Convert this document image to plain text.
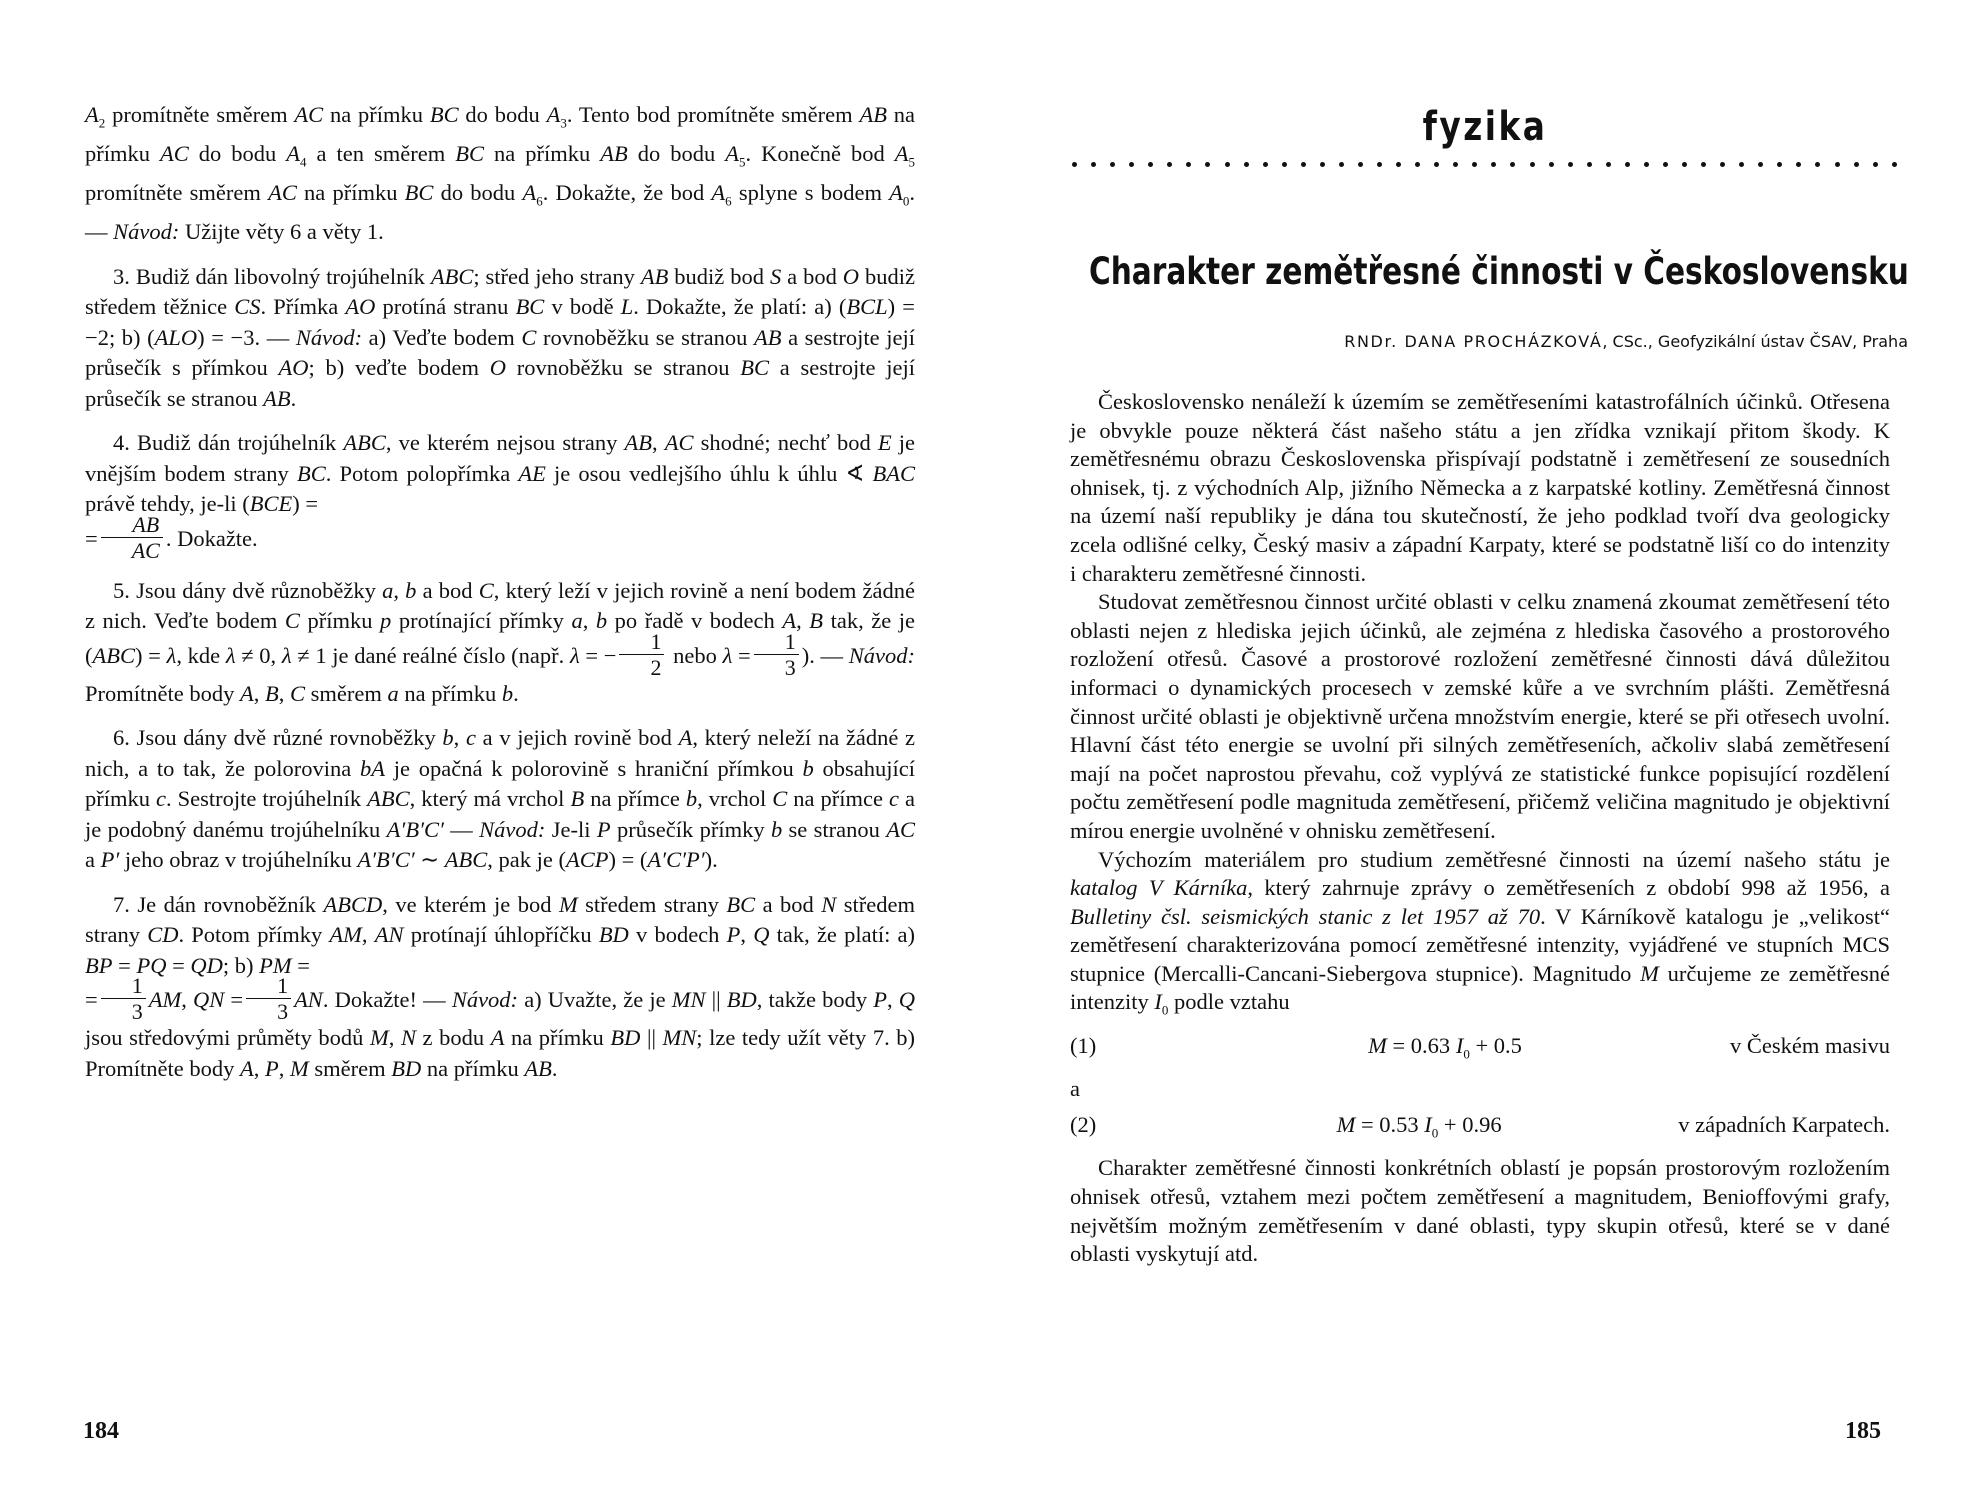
$A_2$ promítněte směrem AC na přímku BC do bodu $A_3$. Tento bod promítněte směrem AB na přímku AC do bodu $A_4$ a ten směrem BC na přímku AB do bodu $A_5$. Konečně bod $A_5$ promítněte směrem AC na přímku BC do bodu $A_6$. Dokažte, že bod $A_6$ splyne s bodem $A_0$. — Návod: Užijte věty 6 a věty 1.

3. Budiž dán libovolný trojúhelník ABC; střed jeho strany AB budiž bod S a bod O budiž středem těžnice CS. Přímka AO protíná stranu BC v bodě L. Dokažte, že platí: a) (BCL) = −2; b) (ALO) = −3. — Návod: a) Veďte bodem C rovnoběžku se stranou AB a sestrojte její průsečík s přímkou AO; b) veďte bodem O rovnoběžku se stranou BC a sestrojte její průsečík se stranou AB.

4. Budiž dán trojúhelník ABC, ve kterém nejsou strany AB, AC shodné; nechť bod E je vnějším bodem strany BC. Potom polopřímka AE je osou vedlejšího úhlu k úhlu ∢ BAC právě tehdy, je-li (BCE) =
= $\frac{AB}{AC}$ . Dokažte.

5. Jsou dány dvě různoběžky a, b a bod C, který leží v jejich rovině a není bodem žádné z nich. Veďte bodem C přímku p protínající přímky a, b po řadě v bodech A, B tak, že je (ABC) = λ, kde λ ≠ 0, λ ≠ 1 je dané reálné číslo (např. λ = − $\frac{1}{2}$ nebo $\lambda = \frac{1}{3}$ ). — Návod: Promítněte body A, B, C směrem a na přímku b.

6. Jsou dány dvě různé rovnoběžky b, c a v jejich rovině bod A, který neleží na žádné z nich, a to tak, že polorovina bA je opačná k polorovině s hraniční přímkou b obsahující přímku c. Sestrojte trojúhelník ABC, který má vrchol B na přímce b, vrchol C na přímce c a je podobný danému trojúhelníku A′B′C′ — Návod: Je-li P průsečík přímky b se stranou AC a P′ jeho obraz v trojúhelníku A′B′C′ ∼ ABC, pak je (ACP) = (A′C′P′).

7. Je dán rovnoběžník ABCD, ve kterém je bod M středem strany BC a bod N středem strany CD. Potom přímky AM, AN protínají úhlopříčku BD v bodech P, Q tak, že platí: a) BP = PQ = QD; b) PM =
= $\frac{1}{3}$ AM, QN = $\frac{1}{3}$ AN. Dokažte! — Návod: a) Uvažte, že je MN || BD, takže body P, Q jsou středovými průměty bodů M, N z bodu A na přímku BD || MN; lze tedy užít věty 7. b) Promítněte body A, P, M směrem BD na přímku AB.

184
fyzika
Charakter zemětřesné činnosti v Československu
RNDr. DANA PROCHÁZKOVÁ, CSc., Geofyzikální ústav ČSAV, Praha

Československo nenáleží k územím se zemětřeseními katastrofálních účinků. Otřesena je obvykle pouze některá část našeho státu a jen zřídka vznikají přitom škody. K zemětřesnému obrazu Československa přispívají podstatně i zemětřesení ze sousedních ohnisek, tj. z východních Alp, jižního Německa a z karpatské kotliny. Zemětřesná činnost na území naší republiky je dána tou skutečností, že jeho podklad tvoří dva geologicky zcela odlišné celky, Český masiv a západní Karpaty, které se podstatně liší co do intenzity i charakteru zemětřesné činnosti.

Studovat zemětřesnou činnost určité oblasti v celku znamená zkoumat zemětřesení této oblasti nejen z hlediska jejich účinků, ale zejména z hlediska časového a prostorového rozložení otřesů. Časové a prostorové rozložení zemětřesné činnosti dává důležitou informaci o dynamických procesech v zemské kůře a ve svrchním plášti. Zemětřesná činnost určité oblasti je objektivně určena množstvím energie, které se při otřesech uvolní. Hlavní část této energie se uvolní při silných zemětřeseních, ačkoliv slabá zemětřesení mají na počet naprostou převahu, což vyplývá ze statistické funkce popisující rozdělení počtu zemětřesení podle magnituda zemětřesení, přičemž veličina magnitudo je objektivní mírou energie uvolněné v ohnisku zemětřesení.

Výchozím materiálem pro studium zemětřesné činnosti na území našeho státu je katalog V Kárníka, který zahrnuje zprávy o zemětřeseních z období 998 až 1956, a Bulletiny čsl. seismických stanic z let 1957 až 70. V Kárníkově katalogu je „velikost“ zemětřesení charakterizována pomocí zemětřesné intenzity, vyjádřené ve stupních MCS stupnice (Mercalli-Cancani-Siebergova stupnice). Magnitudo M určujeme ze zemětřesné intenzity $I_0$ podle vztahu

(1)	M = 0.63 $I_0 + 0.5$	v Českém masivu
a
(2)	M = 0.53 $I_0 + 0.96$	v západních Karpatech.

Charakter zemětřesné činnosti konkrétních oblastí je popsán prostorovým rozložením ohnisek otřesů, vztahem mezi počtem zemětřesení a magnitudem, Benioffovými grafy, největším možným zemětřesením v dané oblasti, typy skupin otřesů, které se v dané oblasti vyskytují atd.

185
